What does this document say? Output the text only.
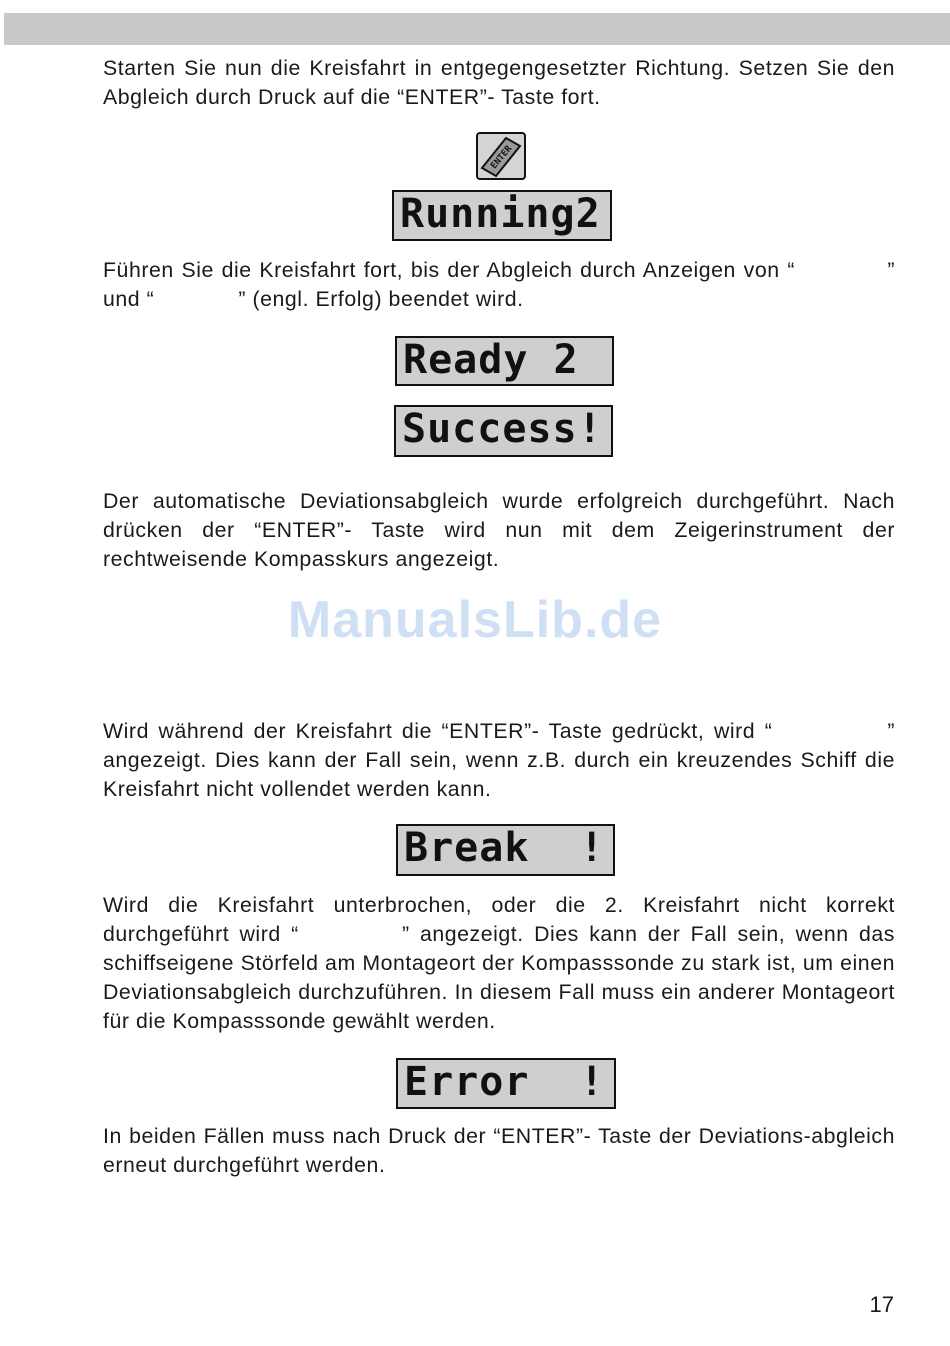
Starten Sie nun die Kreisfahrt in entgegengesetzter Richtung. Setzen Sie den Abgleich durch Druck auf die “ENTER”- Taste fort.

ENTER
Running2

Führen Sie die Kreisfahrt fort, bis der Abgleich durch Anzeigen von “            ” und “             ” (engl. Erfolg) beendet wird.

Ready 2
Success!

Der automatische Deviationsabgleich wurde erfolgreich durchgeführt. Nach drücken der “ENTER”- Taste wird nun mit dem Zeigerinstrument der rechtweisende Kompasskurs angezeigt.

ManualsLib.de

Wird während der Kreisfahrt die “ENTER”- Taste gedrückt, wird “            ” angezeigt. Dies kann der Fall sein, wenn z.B. durch ein kreuzendes Schiff die Kreisfahrt nicht vollendet werden kann.

Break  !

Wird die Kreisfahrt unterbrochen, oder die 2. Kreisfahrt nicht korrekt durchgeführt wird “          ” angezeigt. Dies kann der Fall sein, wenn das schiffseigene Störfeld am Montageort der Kompasssonde zu stark ist, um einen Deviationsabgleich durchzuführen. In diesem Fall muss ein anderer Montageort für die Kompasssonde gewählt werden.

Error  !

In beiden Fällen muss nach Druck der “ENTER”- Taste der Deviations-abgleich erneut durchgeführt werden.

17
